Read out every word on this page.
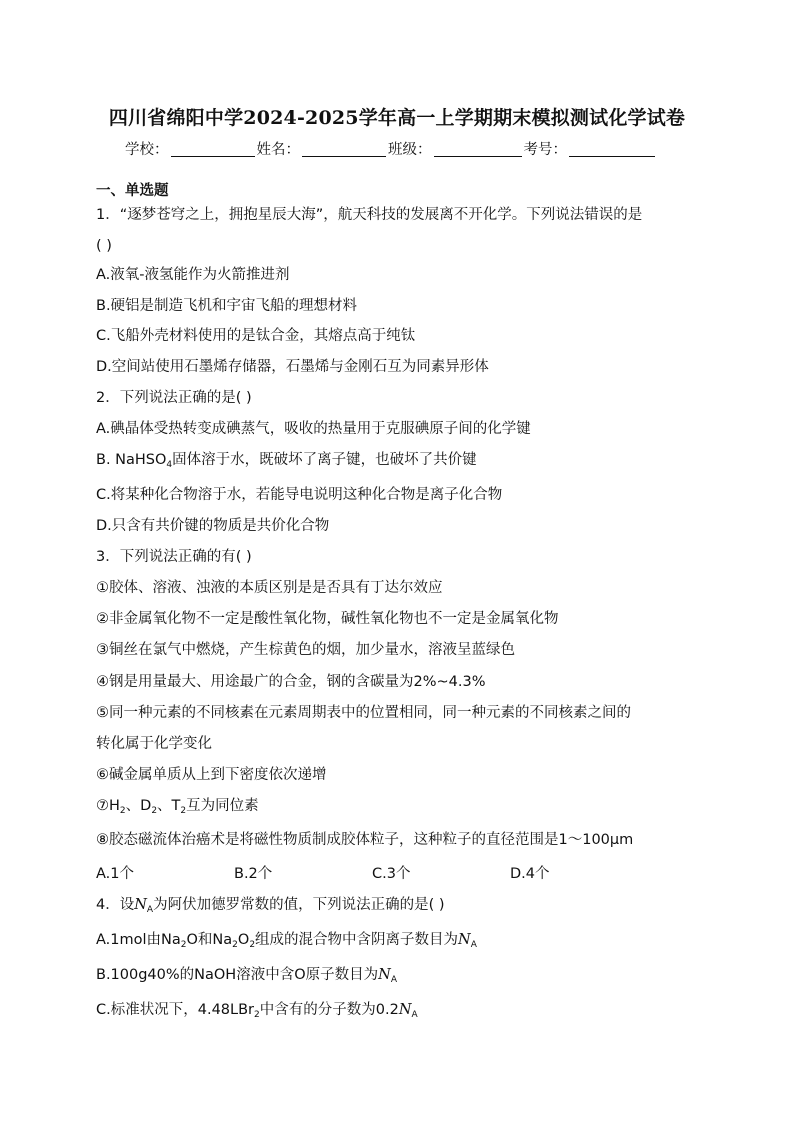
四川省绵阳中学2024-2025学年高一上学期期末模拟测试化学试卷
学校：	姓名：	班级：	考号：
一、单选题
1．“逐梦苍穹之上，拥抱星辰大海”，航天科技的发展离不开化学。下列说法错误的是
( )
A.液氧-液氢能作为火箭推进剂
B.硬铝是制造飞机和宇宙飞船的理想材料
C.飞船外壳材料使用的是钛合金，其熔点高于纯钛
D.空间站使用石墨烯存储器，石墨烯与金刚石互为同素异形体
2．下列说法正确的是( )
A.碘晶体受热转变成碘蒸气，吸收的热量用于克服碘原子间的化学键
B. NaHSO$_4$固体溶于水，既破坏了离子键，也破坏了共价键
C.将某种化合物溶于水，若能导电说明这种化合物是离子化合物
D.只含有共价键的物质是共价化合物
3．下列说法正确的有( )
①胶体、溶液、浊液的本质区别是是否具有丁达尔效应
②非金属氧化物不一定是酸性氧化物，碱性氧化物也不一定是金属氧化物
③铜丝在氯气中燃烧，产生棕黄色的烟，加少量水，溶液呈蓝绿色
④钢是用量最大、用途最广的合金，钢的含碳量为2%~4.3%
⑤同一种元素的不同核素在元素周期表中的位置相同，同一种元素的不同核素之间的
转化属于化学变化
⑥碱金属单质从上到下密度依次递增
$⑦H_2$、$D_2$、$T_2$互为同位素
⑧胶态磁流体治癌术是将磁性物质制成胶体粒子，这种粒子的直径范围是1～100μm
A.1个	B.2个	C.3个	D.4个
4．设$N_A$为阿伏加德罗常数的值，下列说法正确的是( )
A.1mol由$Na_2O$和$Na_2O_2$组成的混合物中含阴离子数目为$N_A$
B.100g40%的NaOH溶液中含O原子数目为$N_A$
C.标准状况下，4.48LBr$_2$中含有的分子数为$0.2N_A$
